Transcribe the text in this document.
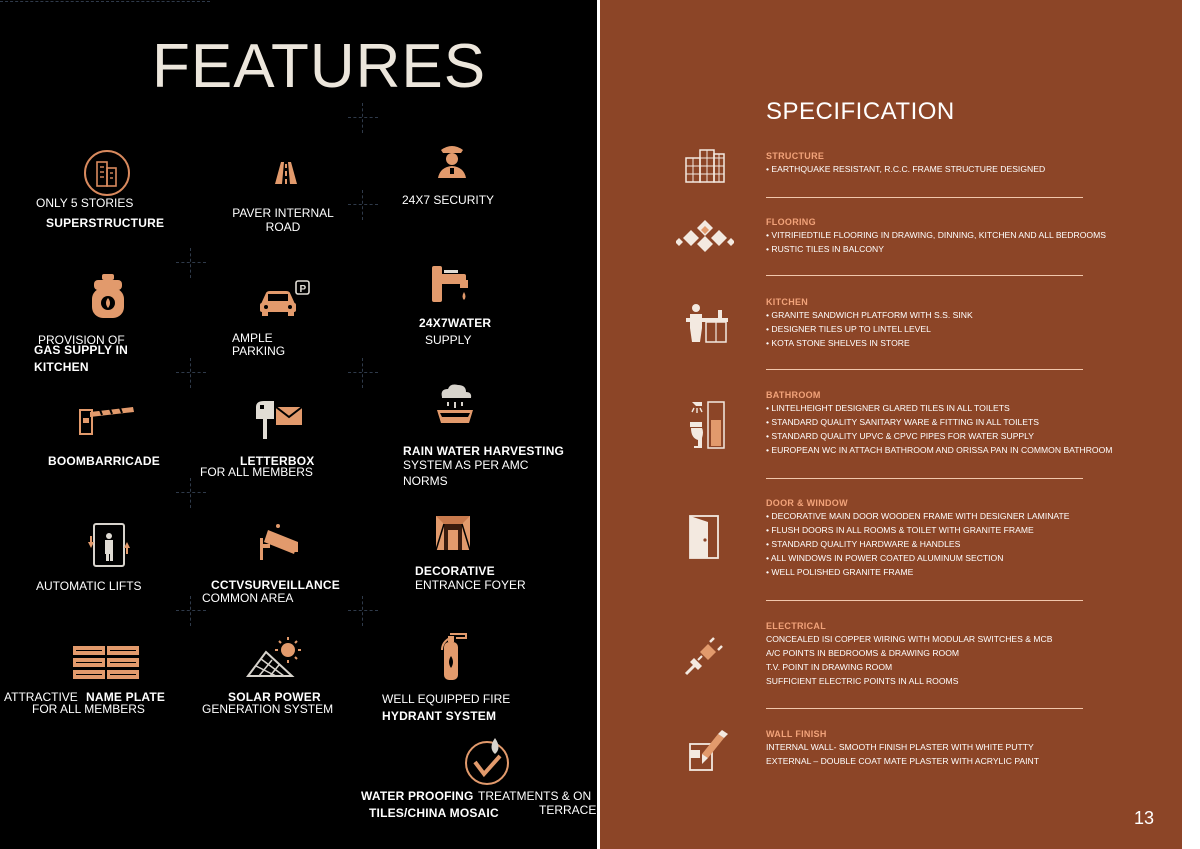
FEATURES
ONLY 5 STORIES
SUPERSTRUCTURE
PAVER INTERNAL
ROAD
24X7 SECURITY
PROVISION OF
GAS SUPPLY IN
KITCHEN
P
AMPLE
PARKING
24X7WATER
SUPPLY
BOOMBARRICADE	LETTERBOX
FOR ALL MEMBERS
RAIN WATER HARVESTING
SYSTEM AS PER AMC
NORMS
AUTOMATIC LIFTS	CCTVSURVEILLANCE
COMMON AREA
DECORATIVE
ENTRANCE FOYER
ATTRACTIVE NAME PLATE
FOR ALL MEMBERS
SOLAR POWER
GENERATION SYSTEM
WELL EQUIPPED FIRE
HYDRANT SYSTEM
WATER PROOFING TREATMENTS & ON
TERRACE
TILES/CHINA MOSAIC
SPECIFICATION
STRUCTURE
• EARTHQUAKE RESISTANT, R.C.C. FRAME STRUCTURE DESIGNED
FLOORING
• VITRIFIEDTILE FLOORING IN DRAWING, DINNING, KITCHEN AND ALL BEDROOMS
• RUSTIC TILES IN BALCONY
KITCHEN
• GRANITE SANDWICH PLATFORM WITH S.S. SINK
• DESIGNER TILES UP TO LINTEL LEVEL
• KOTA STONE SHELVES IN STORE
BATHROOM
• LINTELHEIGHT DESIGNER GLARED TILES IN ALL TOILETS
• STANDARD QUALITY SANITARY WARE & FITTING IN ALL TOILETS
• STANDARD QUALITY UPVC & CPVC PIPES FOR WATER SUPPLY
• EUROPEAN WC IN ATTACH BATHROOM AND ORISSA PAN IN COMMON BATHROOM
DOOR & WINDOW
• DECORATIVE MAIN DOOR WOODEN FRAME WITH DESIGNER LAMINATE
• FLUSH DOORS IN ALL ROOMS & TOILET WITH GRANITE FRAME
• STANDARD QUALITY HARDWARE & HANDLES
• ALL WINDOWS IN POWER COATED ALUMINUM SECTION
• WELL POLISHED GRANITE FRAME
ELECTRICAL
CONCEALED ISI COPPER WIRING WITH MODULAR SWITCHES & MCB
A/C POINTS IN BEDROOMS & DRAWING ROOM
T.V. POINT IN DRAWING ROOM
SUFFICIENT ELECTRIC POINTS IN ALL ROOMS
WALL FINISH
INTERNAL WALL- SMOOTH FINISH PLASTER WITH WHITE PUTTY
EXTERNAL – DOUBLE COAT MATE PLASTER WITH ACRYLIC PAINT
13
